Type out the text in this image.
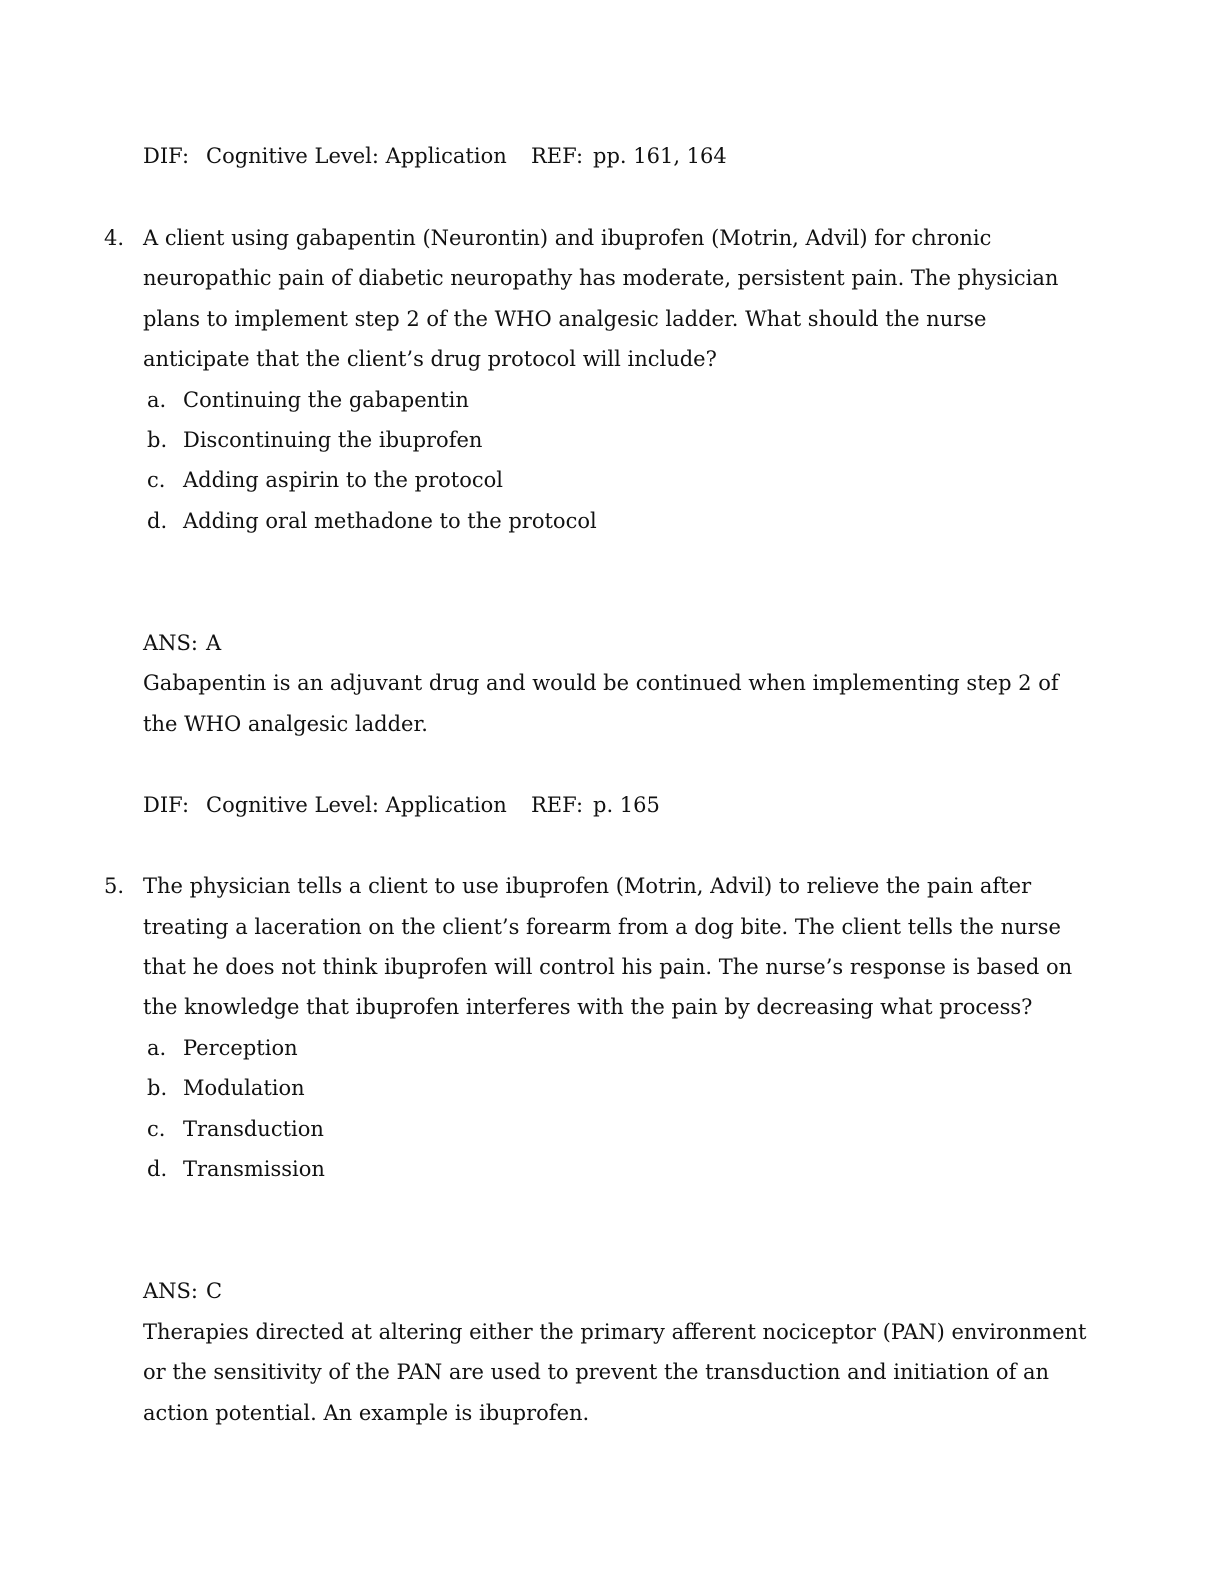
DIF: Cognitive Level: Application REF: pp. 161, 164
4. A client using gabapentin (Neurontin) and ibuprofen (Motrin, Advil) for chronic
neuropathic pain of diabetic neuropathy has moderate, persistent pain. The physician
plans to implement step 2 of the WHO analgesic ladder. What should the nurse
anticipate that the client’s drug protocol will include?
a. Continuing the gabapentin
b. Discontinuing the ibuprofen
c. Adding aspirin to the protocol
d. Adding oral methadone to the protocol
ANS: A
Gabapentin is an adjuvant drug and would be continued when implementing step 2 of
the WHO analgesic ladder.
DIF: Cognitive Level: Application REF: p. 165
5. The physician tells a client to use ibuprofen (Motrin, Advil) to relieve the pain after
treating a laceration on the client’s forearm from a dog bite. The client tells the nurse
that he does not think ibuprofen will control his pain. The nurse’s response is based on
the knowledge that ibuprofen interferes with the pain by decreasing what process?
a. Perception
b. Modulation
c. Transduction
d. Transmission
ANS: C
Therapies directed at altering either the primary afferent nociceptor (PAN) environment
or the sensitivity of the PAN are used to prevent the transduction and initiation of an
action potential. An example is ibuprofen.
